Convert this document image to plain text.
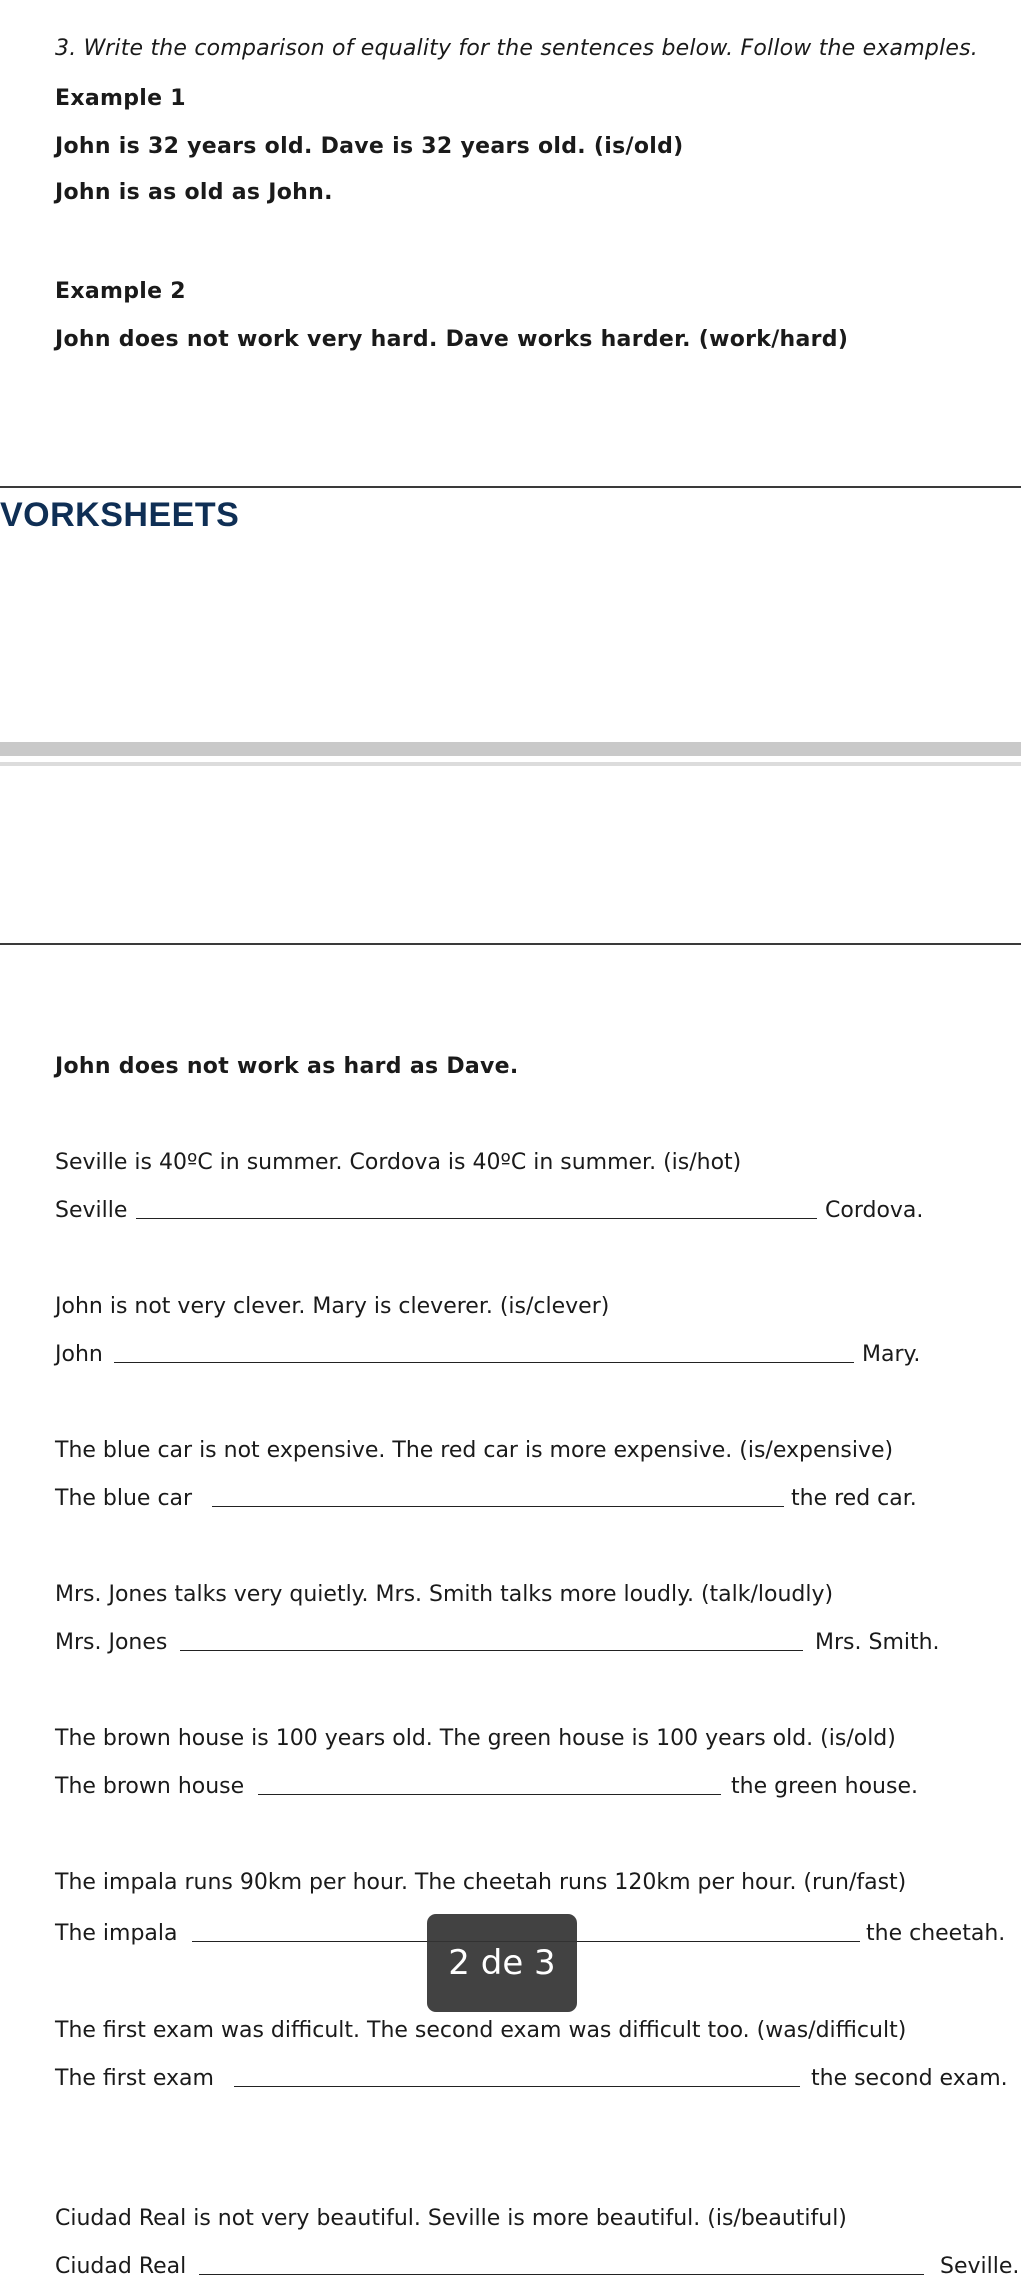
3. Write the comparison of equality for the sentences below. Follow the examples.
Example 1
John is 32 years old. Dave is 32 years old. (is/old)
John is as old as John.
Example 2
John does not work very hard. Dave works harder. (work/hard)
VORKSHEETS
John does not work as hard as Dave.
Seville is 40ºC in summer. Cordova is 40ºC in summer. (is/hot)
Seville	Cordova.
John is not very clever. Mary is cleverer. (is/clever)
John	Mary.
The blue car is not expensive. The red car is more expensive. (is/expensive)
The blue car	the red car.
Mrs. Jones talks very quietly. Mrs. Smith talks more loudly. (talk/loudly)
Mrs. Jones	Mrs. Smith.
The brown house is 100 years old. The green house is 100 years old. (is/old)
The brown house	the green house.
The impala runs 90km per hour. The cheetah runs 120km per hour. (run/fast)
The impala	the cheetah.
The first exam was difficult. The second exam was difficult too. (was/difficult)
The first exam	the second exam.
Ciudad Real is not very beautiful. Seville is more beautiful. (is/beautiful)
Ciudad Real	Seville.
2 de 3
